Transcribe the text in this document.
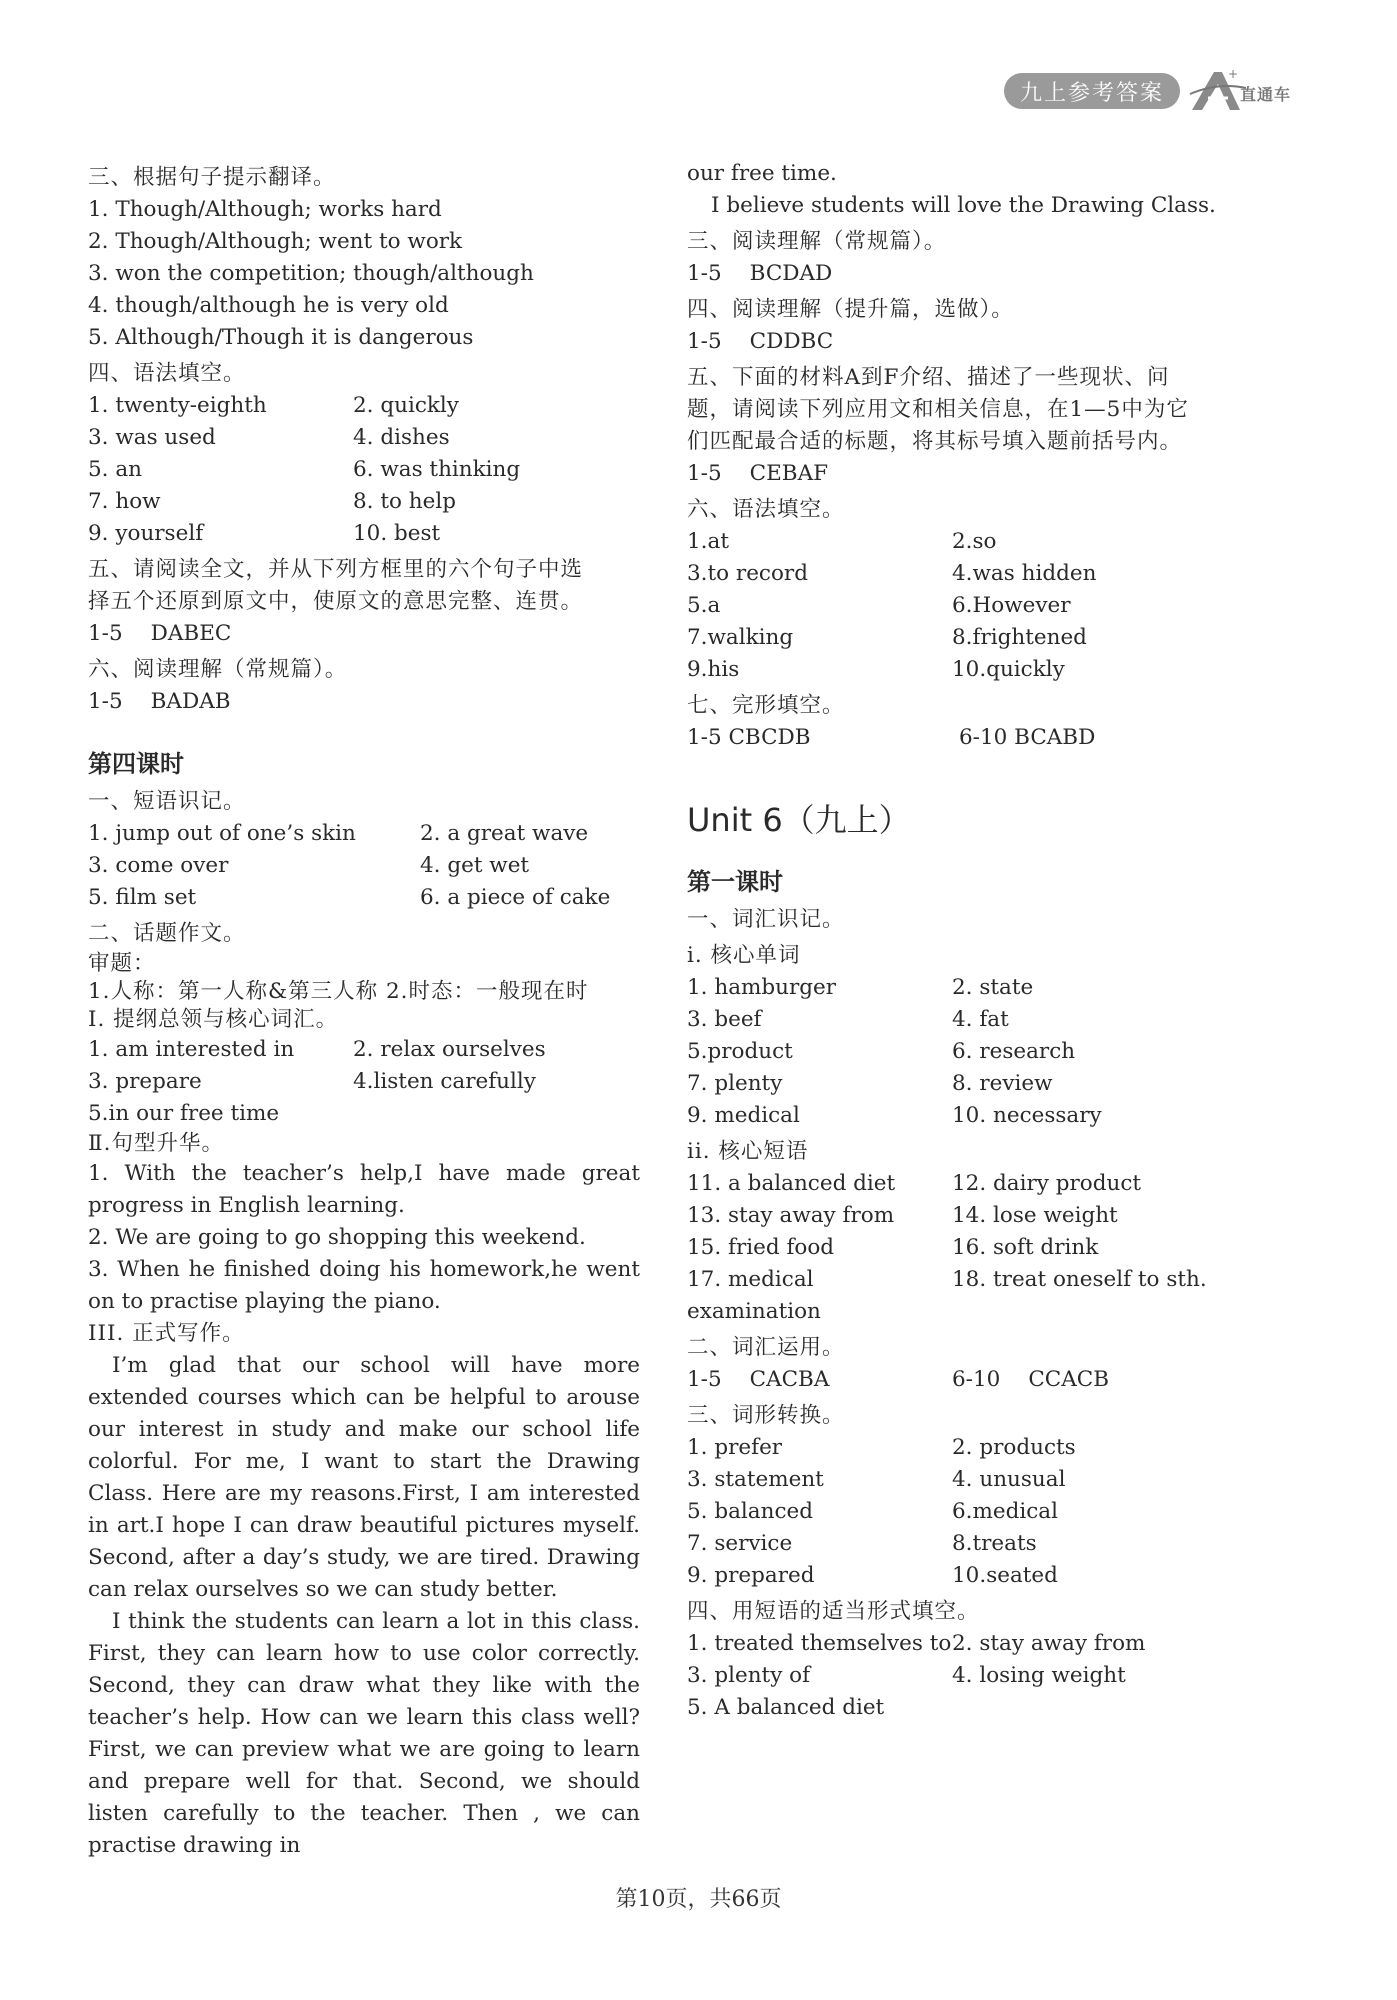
九上参考答案
+
直通车
三、根据句子提示翻译。
1. Though/Although; works hard
2. Though/Although; went to work
3. won the competition; though/although
4. though/although he is very old
5. Although/Though it is dangerous
四、语法填空。
1. twenty-eighth	2. quickly
3. was used	4. dishes
5. an	6. was thinking
7. how	8. to help
9. yourself	10. best
五、请阅读全文，并从下列方框里的六个句子中选
择五个还原到原文中，使原文的意思完整、连贯。
1-5 DABEC
六、阅读理解（常规篇）。
1-5 BADAB
第四课时
一、短语识记。
1. jump out of one’s skin	2. a great wave
3. come over	4. get wet
5. film set	6. a piece of cake
二、话题作文。
审题：
1.人称：第一人称&第三人称 2.时态：一般现在时
Ⅰ. 提纲总领与核心词汇。
1. am interested in	2. relax ourselves
3. prepare	4.listen carefully
5.in our free time
Ⅱ.句型升华。
1. With the teacher’s help,I have made great progress in English learning.
2. We are going to go shopping this weekend.
3. When he finished doing his homework,he went on to practise playing the piano.
III. 正式写作。
I’m glad that our school will have more extended courses which can be helpful to arouse our interest in study and make our school life colorful. For me, I want to start the Drawing Class. Here are my reasons.First, I am interested in art.I hope I can draw beautiful pictures myself. Second, after a day’s study, we are tired. Drawing can relax ourselves so we can study better.
I think the students can learn a lot in this class. First, they can learn how to use color correctly. Second, they can draw what they like with the teacher’s help. How can we learn this class well? First, we can preview what we are going to learn and prepare well for that. Second, we should listen carefully to the teacher. Then , we can practise drawing in
our free time.
I believe students will love the Drawing Class.
三、阅读理解（常规篇）。
1-5 BCDAD
四、阅读理解（提升篇，选做）。
1-5 CDDBC
五、下面的材料A到F介绍、描述了一些现状、问
题，请阅读下列应用文和相关信息，在1—5中为它
们匹配最合适的标题，将其标号填入题前括号内。
1-5 CEBAF
六、语法填空。
1.at	2.so
3.to record	4.was hidden
5.a	6.However
7.walking	8.frightened
9.his	10.quickly
七、完形填空。
1-5 CBCDB	6-10 BCABD
Unit 6（九上）
第一课时
一、词汇识记。
i. 核心单词
1. hamburger	2. state
3. beef	4. fat
5.product	6. research
7. plenty	8. review
9. medical	10. necessary
ii. 核心短语
11. a balanced diet	12. dairy product
13. stay away from	14. lose weight
15. fried food	16. soft drink
17. medical examination
18. treat oneself to sth.
二、词汇运用。
1-5 CACBA	6-10 CCACB
三、词形转换。
1. prefer	2. products
3. statement	4. unusual
5. balanced	6.medical
7. service	8.treats
9. prepared	10.seated
四、用短语的适当形式填空。
1. treated themselves to 2. stay away from
3. plenty of	4. losing weight
5. A balanced diet
第10页，共66页
